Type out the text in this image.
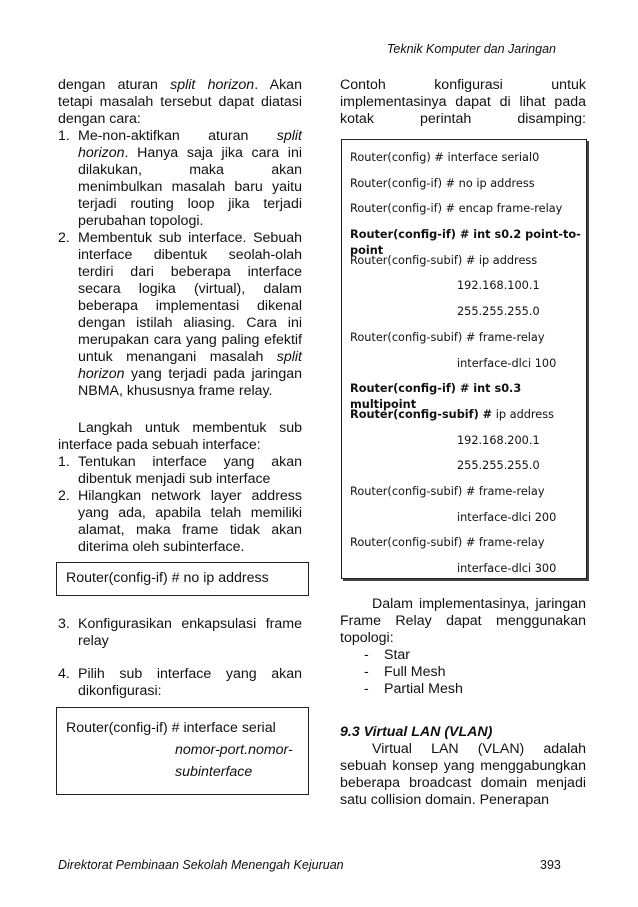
Teknik Komputer dan Jaringan
dengan aturan split horizon. Akan tetapi masalah tersebut dapat diatasi dengan cara:
1. Me-non-aktifkan aturan split horizon. Hanya saja jika cara ini dilakukan, maka akan menimbulkan masalah baru yaitu terjadi routing loop jika terjadi perubahan topologi.
2. Membentuk sub interface. Sebuah interface dibentuk seolah-olah terdiri dari beberapa interface secara logika (virtual), dalam beberapa implementasi dikenal dengan istilah aliasing. Cara ini merupakan cara yang paling efektif untuk menangani masalah split horizon yang terjadi pada jaringan NBMA, khususnya frame relay.

Langkah untuk membentuk sub interface pada sebuah interface:

1. Tentukan interface yang akan dibentuk menjadi sub interface
2. Hilangkan network layer address yang ada, apabila telah memiliki alamat, maka frame tidak akan diterima oleh subinterface.
Router(config-if) # no ip address
3. Konfigurasikan enkapsulasi frame relay
4. Pilih sub interface yang akan dikonfigurasi:
Router(config-if) # interface serial
nomor-port.nomor-
subinterface

Contoh konfigurasi untuk implementasinya dapat di lihat pada kotak perintah disamping:

Router(config) # interface serial0
Router(config-if) # no ip address
Router(config-if) # encap frame-relay
Router(config-if) # int s0.2 point-to-point
Router(config-subif) # ip address
192.168.100.1
255.255.255.0
Router(config-subif) # frame-relay
interface-dlci 100
Router(config-if) # int s0.3 multipoint
Router(config-subif) # ip address
192.168.200.1
255.255.255.0
Router(config-subif) # frame-relay
interface-dlci 200
Router(config-subif) # frame-relay
interface-dlci 300

Dalam implementasinya, jaringan Frame Relay dapat menggunakan topologi:

- Star
- Full Mesh
- Partial Mesh
9.3 Virtual LAN (VLAN)

Virtual LAN (VLAN) adalah sebuah konsep yang menggabungkan beberapa broadcast domain menjadi satu collision domain. Penerapan

Direktorat Pembinaan Sekolah Menengah Kejuruan	393
